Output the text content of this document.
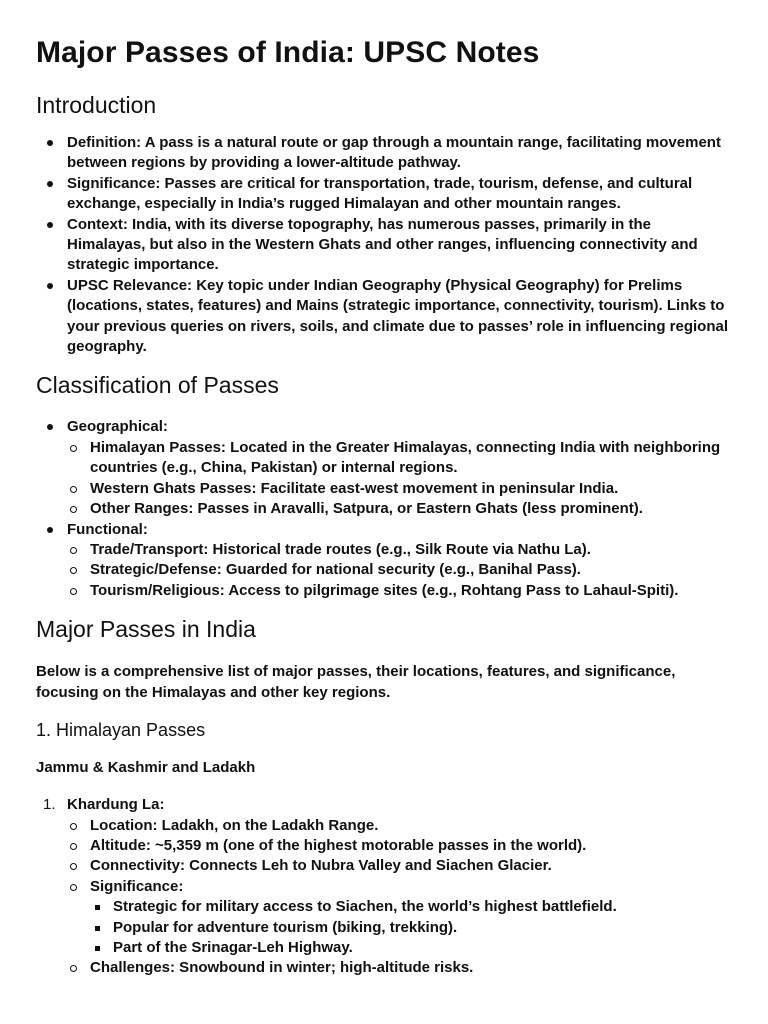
Major Passes of India: UPSC Notes
Introduction
Definition: A pass is a natural route or gap through a mountain range, facilitating movement between regions by providing a lower-altitude pathway.
Significance: Passes are critical for transportation, trade, tourism, defense, and cultural exchange, especially in India’s rugged Himalayan and other mountain ranges.
Context: India, with its diverse topography, has numerous passes, primarily in the Himalayas, but also in the Western Ghats and other ranges, influencing connectivity and strategic importance.
UPSC Relevance: Key topic under Indian Geography (Physical Geography) for Prelims (locations, states, features) and Mains (strategic importance, connectivity, tourism). Links to your previous queries on rivers, soils, and climate due to passes’ role in influencing regional geography.
Classification of Passes
Geographical:
Himalayan Passes: Located in the Greater Himalayas, connecting India with neighboring countries (e.g., China, Pakistan) or internal regions.
Western Ghats Passes: Facilitate east-west movement in peninsular India.
Other Ranges: Passes in Aravalli, Satpura, or Eastern Ghats (less prominent).
Functional:
Trade/Transport: Historical trade routes (e.g., Silk Route via Nathu La).
Strategic/Defense: Guarded for national security (e.g., Banihal Pass).
Tourism/Religious: Access to pilgrimage sites (e.g., Rohtang Pass to Lahaul-Spiti).
Major Passes in India

Below is a comprehensive list of major passes, their locations, features, and significance, focusing on the Himalayas and other key regions.

1. Himalayan Passes
Jammu & Kashmir and Ladakh
1. Khardung La:
Location: Ladakh, on the Ladakh Range.
Altitude: ~5,359 m (one of the highest motorable passes in the world).
Connectivity: Connects Leh to Nubra Valley and Siachen Glacier.
Significance:
Strategic for military access to Siachen, the world’s highest battlefield.
Popular for adventure tourism (biking, trekking).
Part of the Srinagar-Leh Highway.
Challenges: Snowbound in winter; high-altitude risks.
